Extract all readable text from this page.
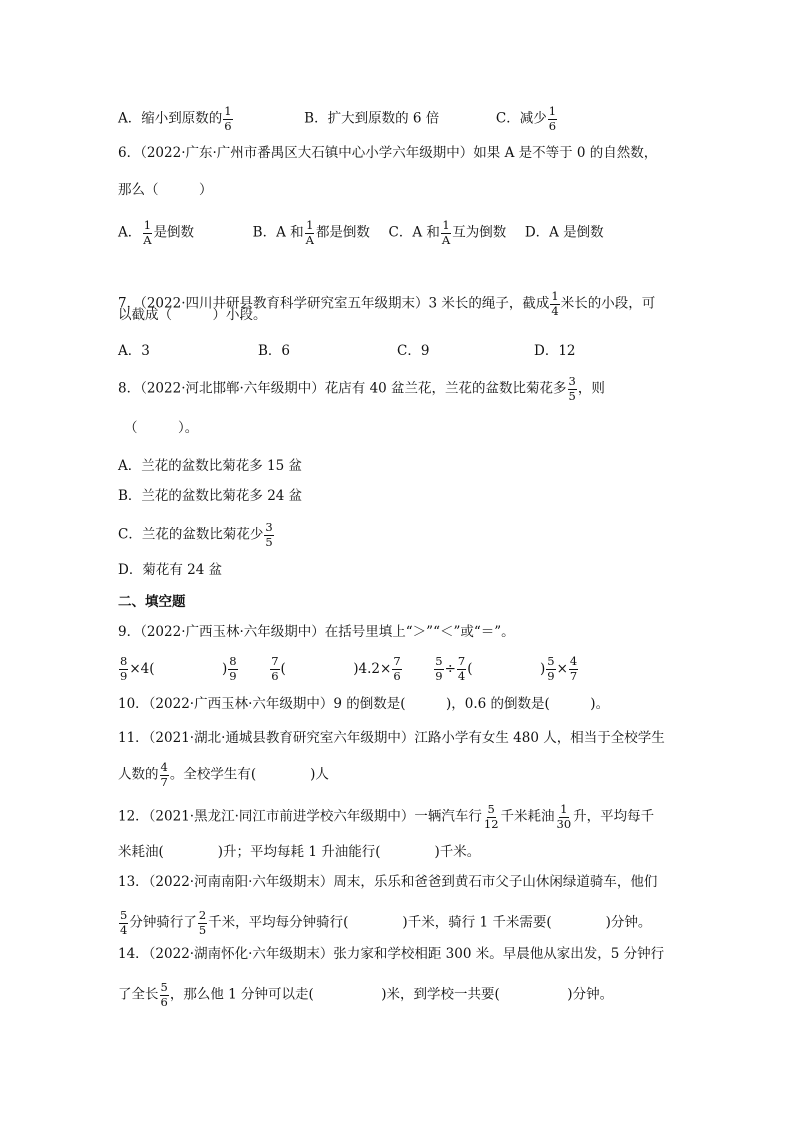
A．缩小到原数的 $\frac{1}{6}$	B．扩大到原数的 6 倍	C．减少 $\frac{1}{6}$
6．（2022·广东·广州市番禺区大石镇中心小学六年级期中）如果 A 是不等于 0 的自然数，
那么（　　　）
A． $\frac{1}{A}$ 是倒数	B．A 和 $\frac{1}{A}$ 都是倒数 C．A 和 $\frac{1}{A}$ 互为倒数 D．A 是倒数
7．（2022·四川井研县教育科学研究室五年级期末）3 米长的绳子，截成 $\frac{1}{4}$ 米长的小段，可
以截成（　　　）小段。
A．3	B．6	C．9	D．12
8．（2022·河北邯郸·六年级期中）花店有 40 盆兰花，兰花的盆数比菊花多 $\frac{3}{5}$ ，则
（　　　）。
A．兰花的盆数比菊花多 15 盆
B．兰花的盆数比菊花多 24 盆
C．兰花的盆数比菊花少 $\frac{3}{5}$
D．菊花有 24 盆
二、填空题
9．（2022·广西玉林·六年级期中）在括号里填上“＞”“＜”或“＝”。
$\frac{8}{9} \times 4$(　　　　　) $\frac{8}{9}$
	$\frac{7}{6}$ (　　　　　)$4.2\times \frac{7}{6}$
	$\frac{5}{9} \div \frac{7}{4}$ (　　　　　) $\frac{5}{9} \times \frac{4}{7}$
10．（2022·广西玉林·六年级期中）9 的倒数是(　　　)，0.6 的倒数是(　　　)。
11．（2021·湖北·通城县教育研究室六年级期中）江路小学有女生 480 人，相当于全校学生
人数的 $\frac{4}{7}$ 。全校学生有(　　　　)人
12．（2021·黑龙江·同江市前进学校六年级期中）一辆汽车行 $\frac{5}{12}$ 千米耗油 $\frac{1}{30}$ 升，平均每千
米耗油(　　　　)升；平均每耗 1 升油能行(　　　　)千米。
13．（2022·河南南阳·六年级期末）周末，乐乐和爸爸到黄石市父子山休闲绿道骑车，他们
$\frac{5}{4}$ 分钟骑行了 $\frac{2}{5}$ 千米，平均每分钟骑行(　　　　)千米，骑行 1 千米需要(　　　　)分钟。
14．（2022·湖南怀化·六年级期末）张力家和学校相距 300 米。早晨他从家出发，5 分钟行
了全长 $\frac{5}{6}$ ，那么他 1 分钟可以走(　　　　　)米，到学校一共要(　　　　　)分钟。
